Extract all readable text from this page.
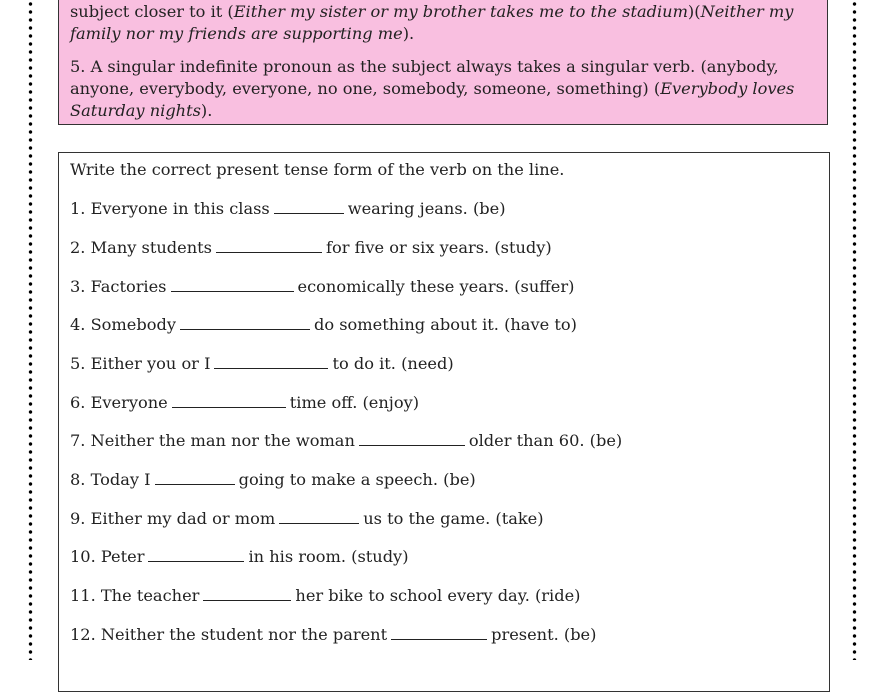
subject closer to it (Either my sister or my brother takes me to the stadium)(Neither my family nor my friends are supporting me).

5. A singular indefinite pronoun as the subject always takes a singular verb. (anybody, anyone, everybody, everyone, no one, somebody, someone, something) (Everybody loves Saturday nights).

Write the correct present tense form of the verb on the line.
1. Everyone in this class	wearing jeans. (be)
2. Many students	for five or six years. (study)
3. Factories	economically these years. (suffer)
4. Somebody	do something about it. (have to)
5. Either you or I	to do it. (need)
6. Everyone	time off. (enjoy)
7. Neither the man nor the woman	older than 60. (be)
8. Today I	going to make a speech. (be)
9. Either my dad or mom	us to the game. (take)
10. Peter	in his room. (study)
11. The teacher	her bike to school every day. (ride)
12. Neither the student nor the parent	present. (be)
